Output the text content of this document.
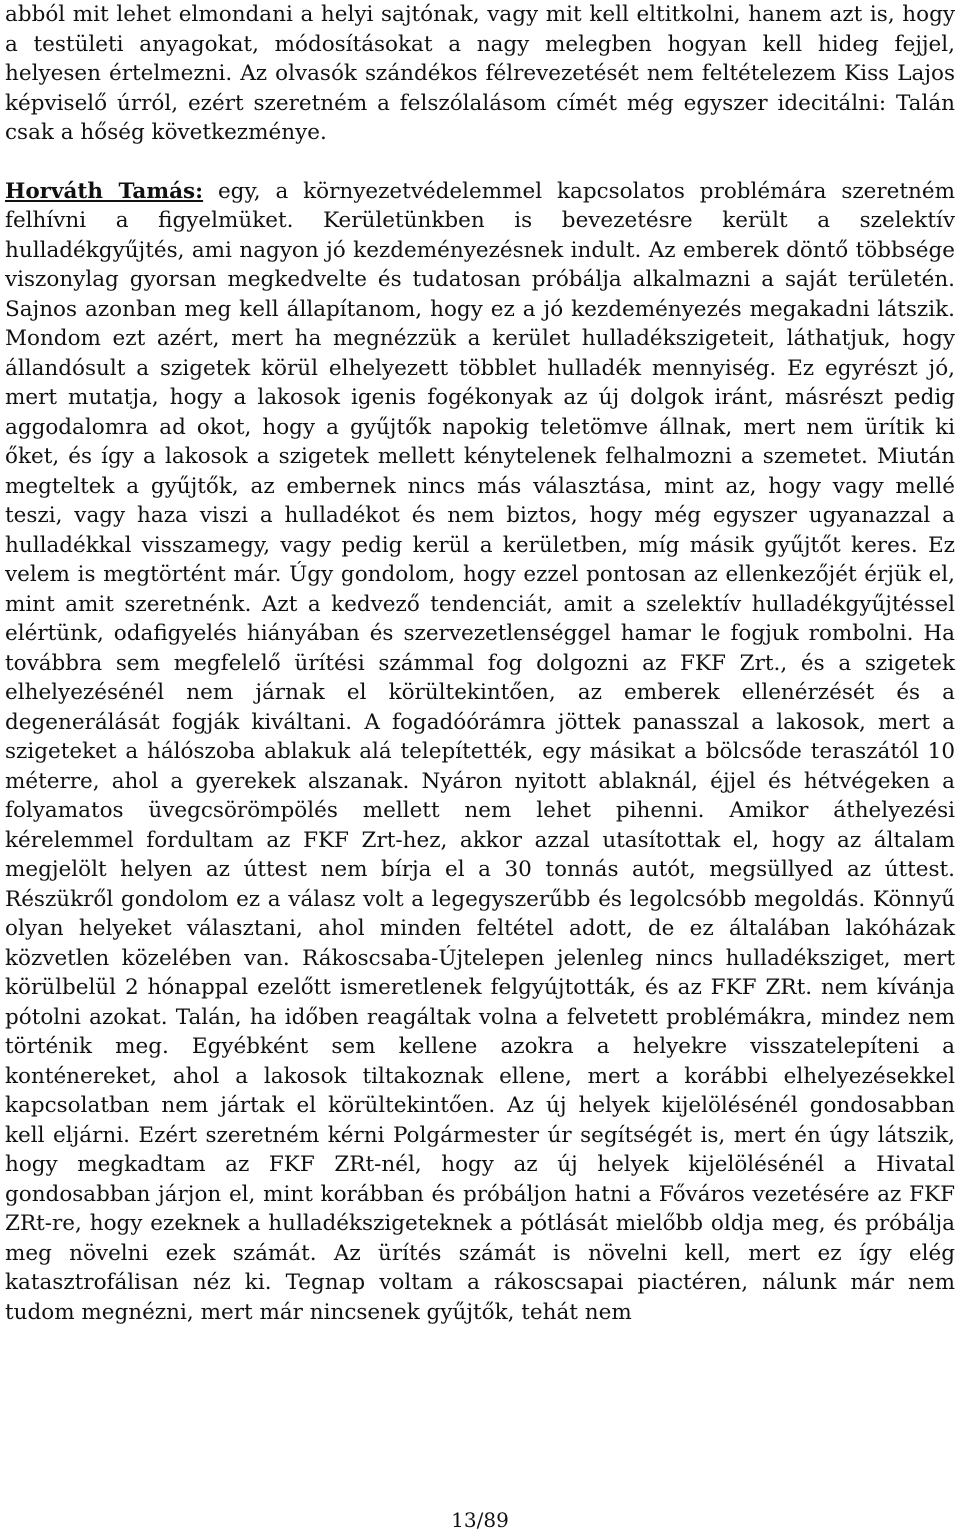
abból mit lehet elmondani a helyi sajtónak, vagy mit kell eltitkolni, hanem azt is, hogy a testületi anyagokat, módosításokat a nagy melegben hogyan kell hideg fejjel, helyesen értelmezni. Az olvasók szándékos félrevezetését nem feltételezem Kiss Lajos képviselő úrról, ezért szeretném a felszólalásom címét még egyszer idecitálni: Talán csak a hőség következménye.

Horváth Tamás: egy, a környezetvédelemmel kapcsolatos problémára szeretném felhívni a figyelmüket. Kerületünkben is bevezetésre került a szelektív hulladékgyűjtés, ami nagyon jó kezdeményezésnek indult. Az emberek döntő többsége viszonylag gyorsan megkedvelte és tudatosan próbálja alkalmazni a saját területén. Sajnos azonban meg kell állapítanom, hogy ez a jó kezdeményezés megakadni látszik. Mondom ezt azért, mert ha megnézzük a kerület hulladékszigeteit, láthatjuk, hogy állandósult a szigetek körül elhelyezett többlet hulladék mennyiség. Ez egyrészt jó, mert mutatja, hogy a lakosok igenis fogékonyak az új dolgok iránt, másrészt pedig aggodalomra ad okot, hogy a gyűjtők napokig teletömve állnak, mert nem ürítik ki őket, és így a lakosok a szigetek mellett kénytelenek felhalmozni a szemetet. Miután megteltek a gyűjtők, az embernek nincs más választása, mint az, hogy vagy mellé teszi, vagy haza viszi a hulladékot és nem biztos, hogy még egyszer ugyanazzal a hulladékkal visszamegy, vagy pedig kerül a kerületben, míg másik gyűjtőt keres. Ez velem is megtörtént már. Úgy gondolom, hogy ezzel pontosan az ellenkezőjét érjük el, mint amit szeretnénk. Azt a kedvező tendenciát, amit a szelektív hulladékgyűjtéssel elértünk, odafigyelés hiányában és szervezetlenséggel hamar le fogjuk rombolni. Ha továbbra sem megfelelő ürítési számmal fog dolgozni az FKF Zrt., és a szigetek elhelyezésénél nem járnak el körültekintően, az emberek ellenérzését és a degenerálását fogják kiváltani. A fogadóórámra jöttek panasszal a lakosok, mert a szigeteket a hálószoba ablakuk alá telepítették, egy másikat a bölcsőde teraszától 10 méterre, ahol a gyerekek alszanak. Nyáron nyitott ablaknál, éjjel és hétvégeken a folyamatos üvegcsörömpölés mellett nem lehet pihenni. Amikor áthelyezési kérelemmel fordultam az FKF Zrt-hez, akkor azzal utasítottak el, hogy az általam megjelölt helyen az úttest nem bírja el a 30 tonnás autót, megsüllyed az úttest. Részükről gondolom ez a válasz volt a legegyszerűbb és legolcsóbb megoldás. Könnyű olyan helyeket választani, ahol minden feltétel adott, de ez általában lakóházak közvetlen közelében van. Rákoscsaba-Újtelepen jelenleg nincs hulladéksziget, mert körülbelül 2 hónappal ezelőtt ismeretlenek felgyújtották, és az FKF ZRt. nem kívánja pótolni azokat. Talán, ha időben reagáltak volna a felvetett problémákra, mindez nem történik meg. Egyébként sem kellene azokra a helyekre visszatelepíteni a konténereket, ahol a lakosok tiltakoznak ellene, mert a korábbi elhelyezésekkel kapcsolatban nem jártak el körültekintően. Az új helyek kijelölésénél gondosabban kell eljárni. Ezért szeretném kérni Polgármester úr segítségét is, mert én úgy látszik, hogy megkadtam az FKF ZRt-nél, hogy az új helyek kijelölésénél a Hivatal gondosabban járjon el, mint korábban és próbáljon hatni a Főváros vezetésére az FKF ZRt-re, hogy ezeknek a hulladékszigeteknek a pótlását mielőbb oldja meg, és próbálja meg növelni ezek számát. Az ürítés számát is növelni kell, mert ez így elég katasztrofálisan néz ki. Tegnap voltam a rákoscsapai piactéren, nálunk már nem tudom megnézni, mert már nincsenek gyűjtők, tehát nem

13/89
